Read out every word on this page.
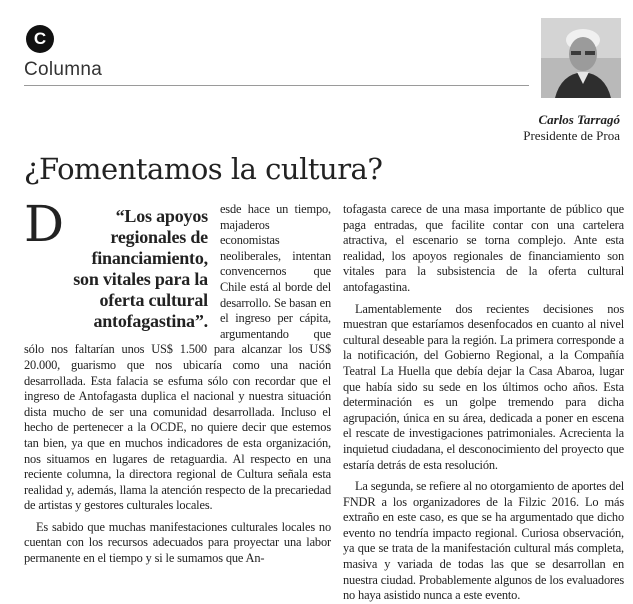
C
Columna
Carlos Tarragó
Presidente de Proa
¿Fomentamos la cultura?
D	“Los apoyos regionales de financiamiento, son vitales para la oferta cultural antofagastina”.

esde hace un tiempo, majaderos economistas neoliberales, intentan convencernos que Chile está al borde del desarrollo. Se basan en el ingreso per cápita, argumentando que sólo nos faltarían unos US$ 1.500 para alcanzar los US$ 20.000, guarismo que nos ubicaría como una nación desarrollada. Esta falacia se esfuma sólo con recordar que el ingreso de Antofagasta duplica el nacional y nuestra situación dista mucho de ser una comunidad desarrollada. Incluso el hecho de pertenecer a la OCDE, no quiere decir que estemos tan bien, ya que en muchos indicadores de esta organización, nos situamos en lugares de retaguardia. Al respecto en una reciente columna, la directora regional de Cultura señala esta realidad y, además, llama la atención respecto de la precariedad de artistas y gestores culturales locales.

Es sabido que muchas manifestaciones culturales locales no cuentan con los recursos adecuados para proyectar una labor permanente en el tiempo y si le sumamos que An-

tofagasta carece de una masa importante de público que paga entradas, que facilite contar con una cartelera atractiva, el escenario se torna complejo. Ante esta realidad, los apoyos regionales de financiamiento son vitales para la subsistencia de la oferta cultural antofagastina.

Lamentablemente dos recientes decisiones nos muestran que estaríamos desenfocados en cuanto al nivel cultural deseable para la región. La primera corresponde a la notificación, del Gobierno Regional, a la Compañía Teatral La Huella que debía dejar la Casa Abaroa, lugar que había sido su sede en los últimos ocho años. Esta determinación es un golpe tremendo para dicha agrupación, única en su área, dedicada a poner en escena el rescate de investigaciones patrimoniales. Acrecienta la inquietud ciudadana, el desconocimiento del proyecto que estaría detrás de esta resolución.

La segunda, se refiere al no otorgamiento de aportes del FNDR a los organizadores de la Filzic 2016. Lo más extraño en este caso, es que se ha argumentado que dicho evento no tendría impacto regional. Curiosa observación, ya que se trata de la manifestación cultural más completa, masiva y variada de todas las que se desarrollan en nuestra ciudad. Probablemente algunos de los evaluadores no haya asistido nunca a este evento.
